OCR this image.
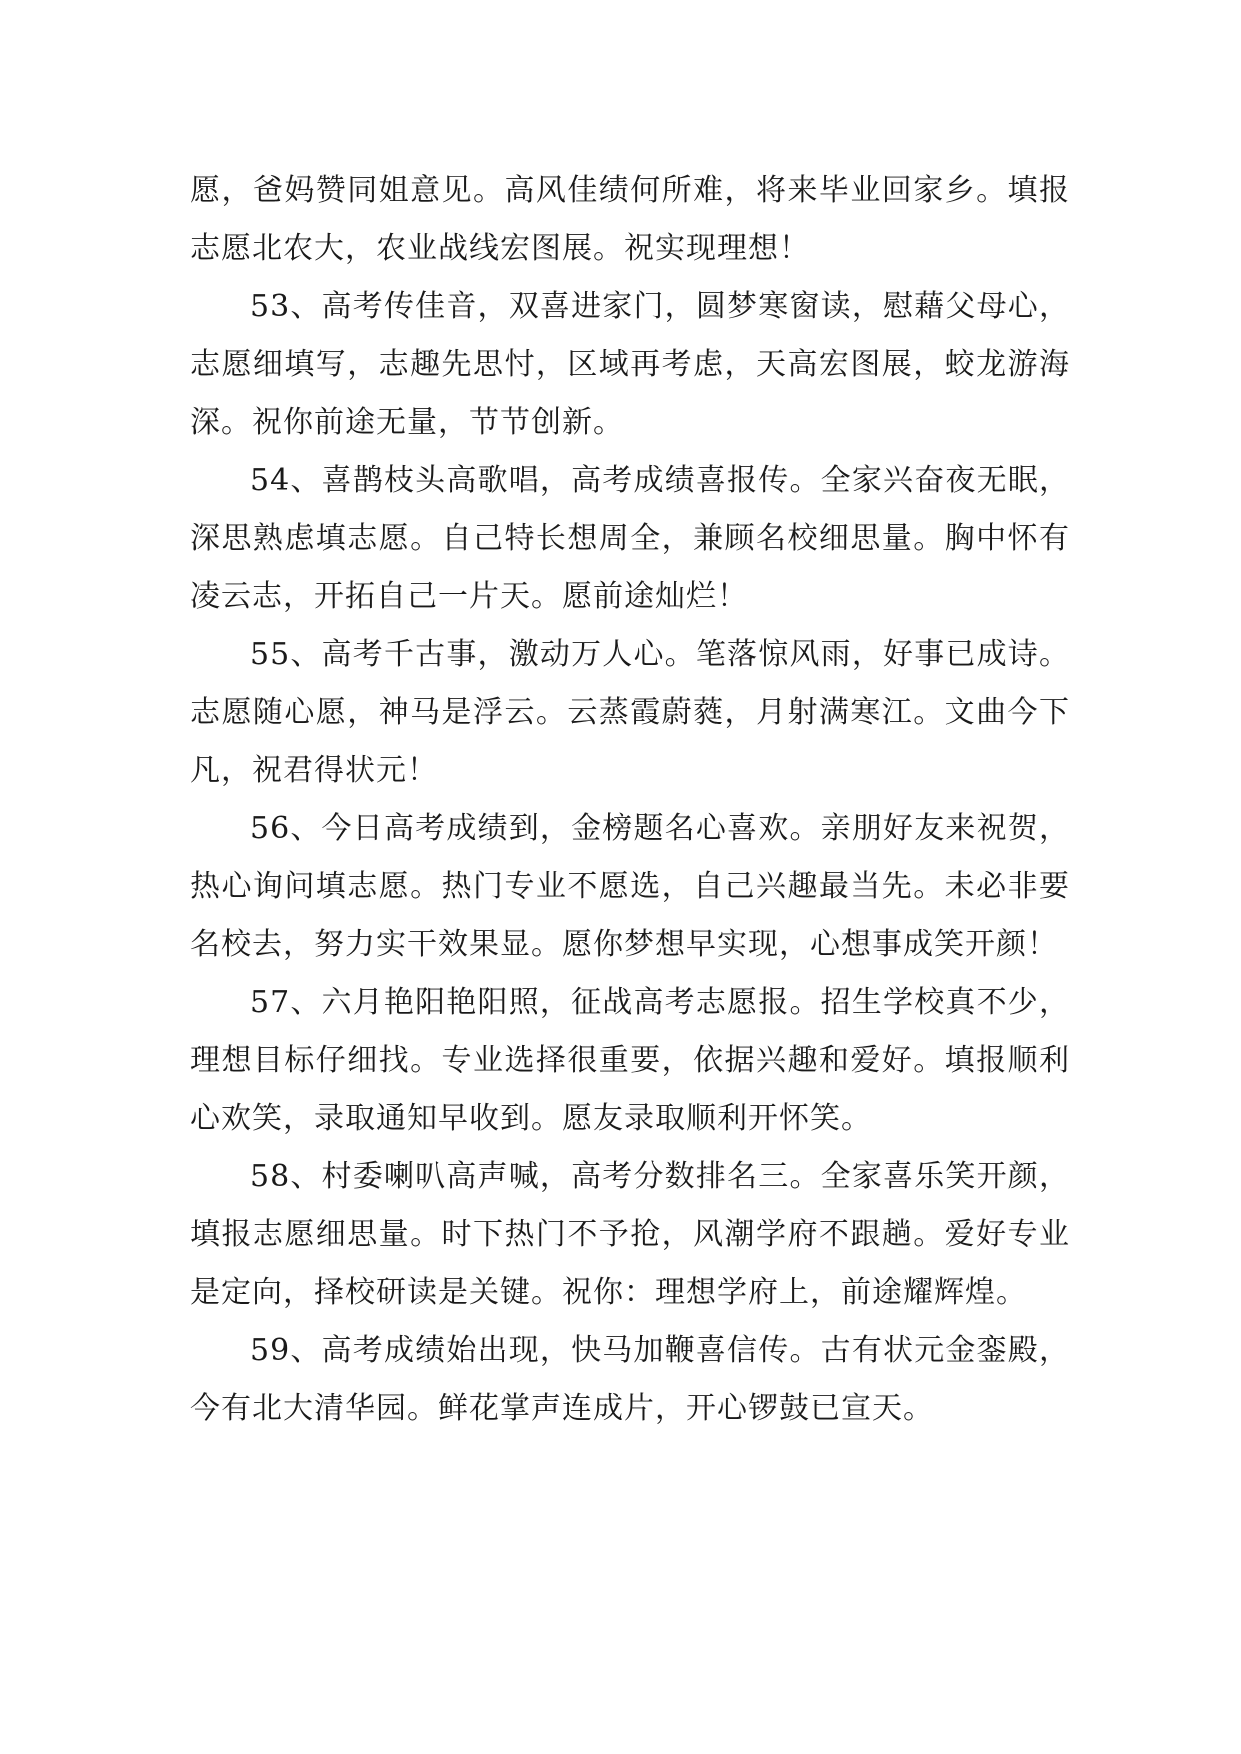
愿，爸妈赞同姐意见。高风佳绩何所难，将来毕业回家乡。填报志愿北农大，农业战线宏图展。祝实现理想！

53、高考传佳音，双喜进家门，圆梦寒窗读，慰藉父母心，志愿细填写，志趣先思忖，区域再考虑，天高宏图展，蛟龙游海深。祝你前途无量，节节创新。

54、喜鹊枝头高歌唱，高考成绩喜报传。全家兴奋夜无眠，深思熟虑填志愿。自己特长想周全，兼顾名校细思量。胸中怀有凌云志，开拓自己一片天。愿前途灿烂！

55、高考千古事，激动万人心。笔落惊风雨，好事已成诗。志愿随心愿，神马是浮云。云蒸霞蔚蕤，月射满寒江。文曲今下凡，祝君得状元！

56、今日高考成绩到，金榜题名心喜欢。亲朋好友来祝贺，热心询问填志愿。热门专业不愿选，自己兴趣最当先。未必非要名校去，努力实干效果显。愿你梦想早实现，心想事成笑开颜！

57、六月艳阳艳阳照，征战高考志愿报。招生学校真不少，理想目标仔细找。专业选择很重要，依据兴趣和爱好。填报顺利心欢笑，录取通知早收到。愿友录取顺利开怀笑。

58、村委喇叭高声喊，高考分数排名三。全家喜乐笑开颜，填报志愿细思量。时下热门不予抢，风潮学府不跟趟。爱好专业是定向，择校研读是关键。祝你：理想学府上，前途耀辉煌。

59、高考成绩始出现，快马加鞭喜信传。古有状元金銮殿，今有北大清华园。鲜花掌声连成片，开心锣鼓已宣天。
